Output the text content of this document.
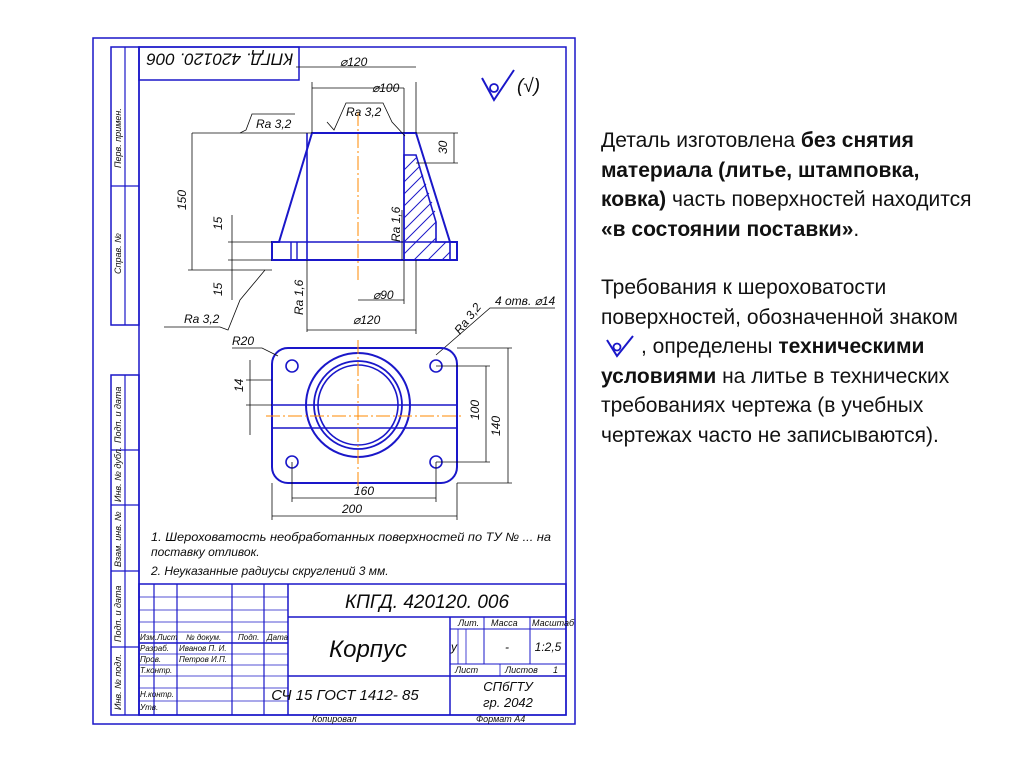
Перв. примен.
Справ. №
Подп. и дата
Инв. № дубл.
Взам. инв. №
Подп. и дата
Инв. № подл.
КПГД. 420120. 006
(√)
⌀120
⌀100
Ra 3,2
Ra 3,2
30
150
15
15
Ra 1,6
Ra 1,6	⌀90
⌀120
4 отв. ⌀14
Ra 3,2
Ra 3,2
R20
14
100
140
160
200
1. Шероховатость необработанных поверхностей по ТУ № ... на
поставку отливок.
2. Неуказанные радиусы скруглений 3 мм.
Изм. Лист № докум. Подп. Дата
Разраб. Иванов П. И.
Пров. Петров И.П.
Т.контр.
Н.контр.
Утв.
КПГД. 420120. 006
Корпус
СЧ 15 ГОСТ 1412- 85
Лит. Масса Масштаб
у	- 1:2,5
Лист	Листов 1
СПбГТУ
гр. 2042
Копировал	Формат А4

Деталь изготовлена без снятия материала (литье, штамповка, ковка) часть поверхностей находится «в состоянии поставки».

Требования к шероховатости поверхностей, обозначенной знаком , определены техническими условиями на литье в технических требованиях чертежа (в учебных чертежах часто не записываются).
